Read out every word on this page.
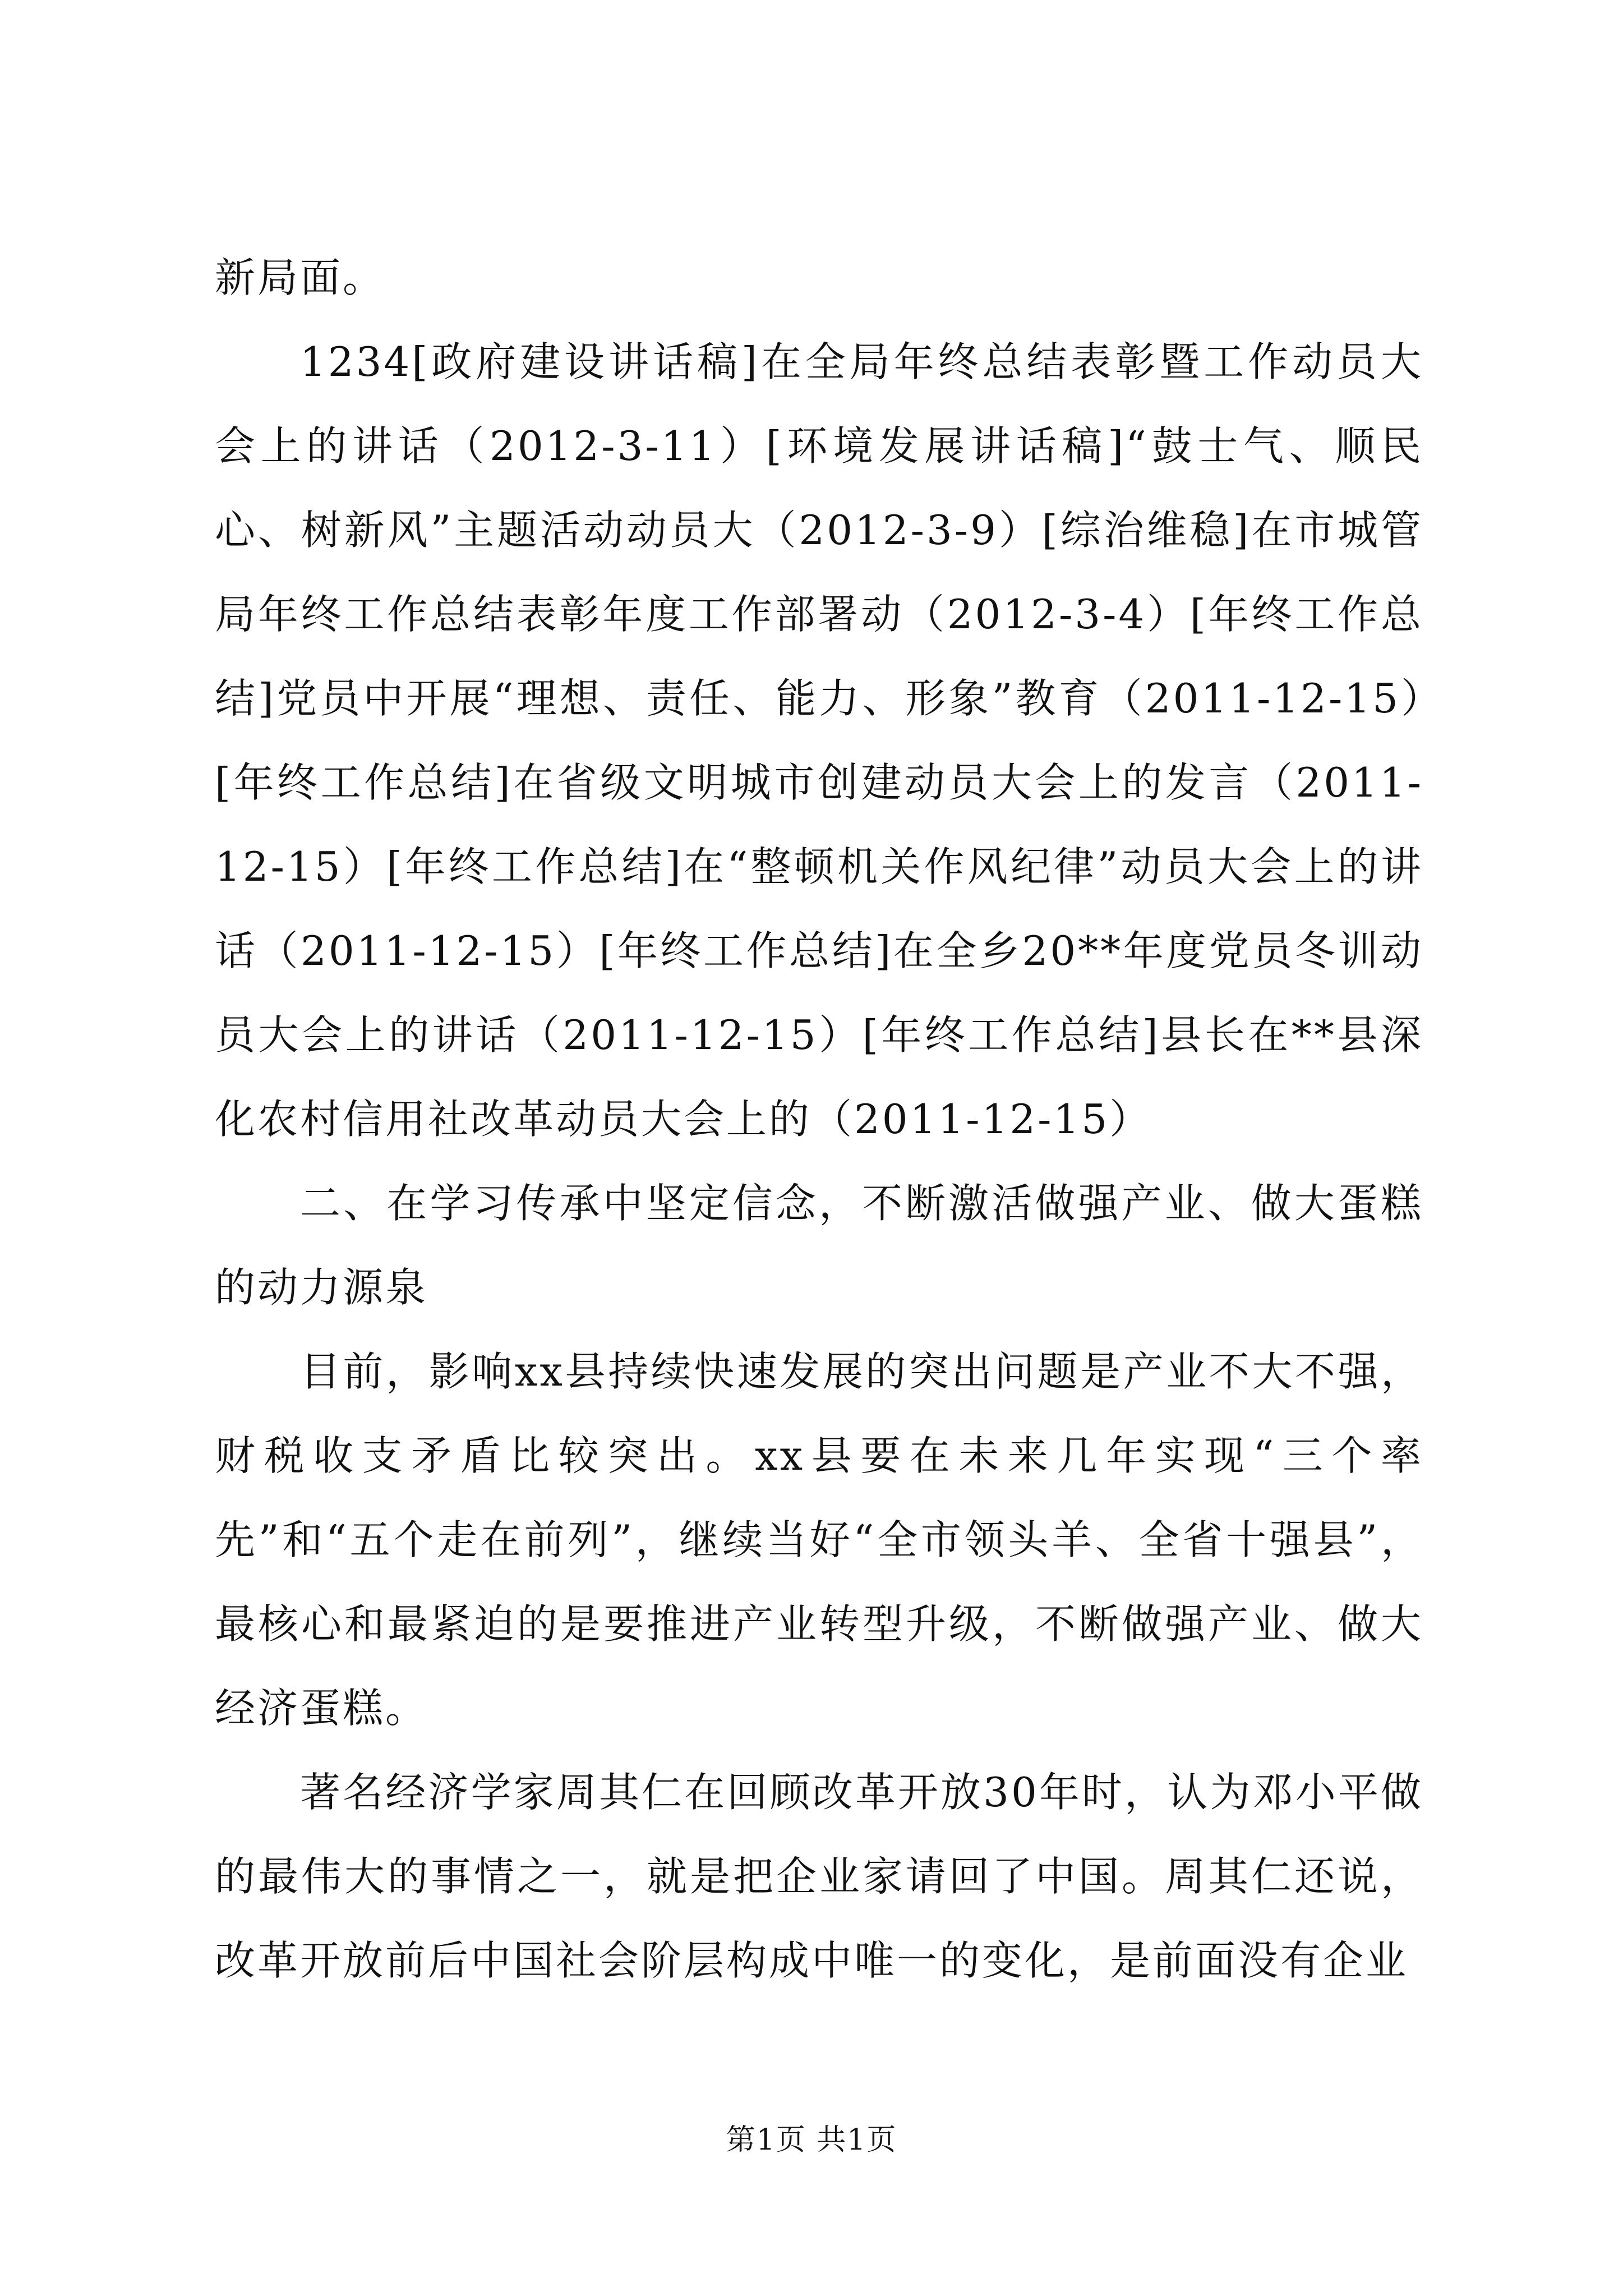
新局面。

1234[政府建设讲话稿]在全局年终总结表彰暨工作动员大会上的讲话（2012-3-11）[环境发展讲话稿]“鼓士气、顺民心、树新风”主题活动动员大（2012-3-9）[综治维稳]在市城管局年终工作总结表彰年度工作部署动（2012-3-4）[年终工作总结]党员中开展“理想、责任、能力、形象”教育（2011-12-15）[年终工作总结]在省级文明城市创建动员大会上的发言（2011-12-15）[年终工作总结]在“整顿机关作风纪律”动员大会上的讲话（2011-12-15）[年终工作总结]在全乡20**年度党员冬训动员大会上的讲话（2011-12-15）[年终工作总结]县长在**县深化农村信用社改革动员大会上的（2011-12-15）

二、在学习传承中坚定信念，不断激活做强产业、做大蛋糕的动力源泉

目前，影响xx县持续快速发展的突出问题是产业不大不强，财税收支矛盾比较突出。xx县要在未来几年实现“三个率先”和“五个走在前列”，继续当好“全市领头羊、全省十强县”，最核心和最紧迫的是要推进产业转型升级，不断做强产业、做大经济蛋糕。

著名经济学家周其仁在回顾改革开放30年时，认为邓小平做的最伟大的事情之一，就是把企业家请回了中国。周其仁还说，改革开放前后中国社会阶层构成中唯一的变化，是前面没有企业

第1页 共1页
